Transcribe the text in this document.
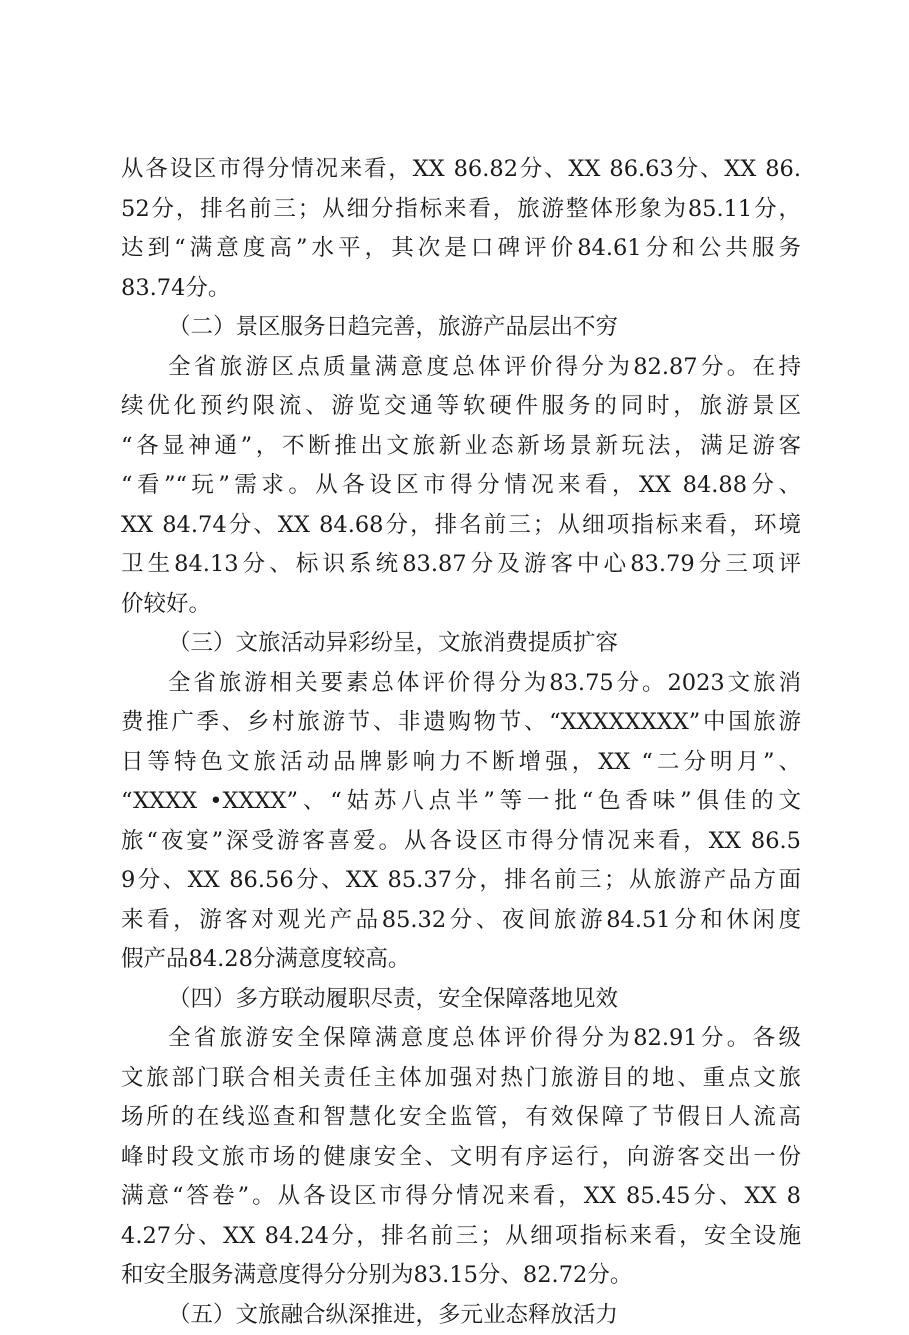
从各设区市得分情况来看，XX 86.82分、XX 86.63分、XX 86.
52分，排名前三；从细分指标来看，旅游整体形象为85.11分，
达到“满意度高”水平，其次是口碑评价84.61分和公共服务
83.74分。
（二）景区服务日趋完善，旅游产品层出不穷
全省旅游区点质量满意度总体评价得分为82.87分。在持
续优化预约限流、游览交通等软硬件服务的同时，旅游景区
“各显神通”，不断推出文旅新业态新场景新玩法，满足游客
“看”“玩”需求。从各设区市得分情况来看，XX 84.88分、
XX 84.74分、XX 84.68分，排名前三；从细项指标来看，环境
卫生84.13分、标识系统83.87分及游客中心83.79分三项评
价较好。
（三）文旅活动异彩纷呈，文旅消费提质扩容
全省旅游相关要素总体评价得分为83.75分。2023文旅消
费推广季、乡村旅游节、非遗购物节、“XXXXXXXX”中国旅游
日等特色文旅活动品牌影响力不断增强，XX “二分明月”、
“XXXX •XXXX”、“姑苏八点半”等一批“色香味”俱佳的文
旅“夜宴”深受游客喜爱。从各设区市得分情况来看，XX 86.5
9分、XX 86.56分、XX 85.37分，排名前三；从旅游产品方面
来看，游客对观光产品85.32分、夜间旅游84.51分和休闲度
假产品84.28分满意度较高。
（四）多方联动履职尽责，安全保障落地见效
全省旅游安全保障满意度总体评价得分为82.91分。各级
文旅部门联合相关责任主体加强对热门旅游目的地、重点文旅
场所的在线巡查和智慧化安全监管，有效保障了节假日人流高
峰时段文旅市场的健康安全、文明有序运行，向游客交出一份
满意“答卷”。从各设区市得分情况来看，XX 85.45分、XX 8
4.27分、XX 84.24分，排名前三；从细项指标来看，安全设施
和安全服务满意度得分分别为83.15分、82.72分。
（五）文旅融合纵深推进，多元业态释放活力
